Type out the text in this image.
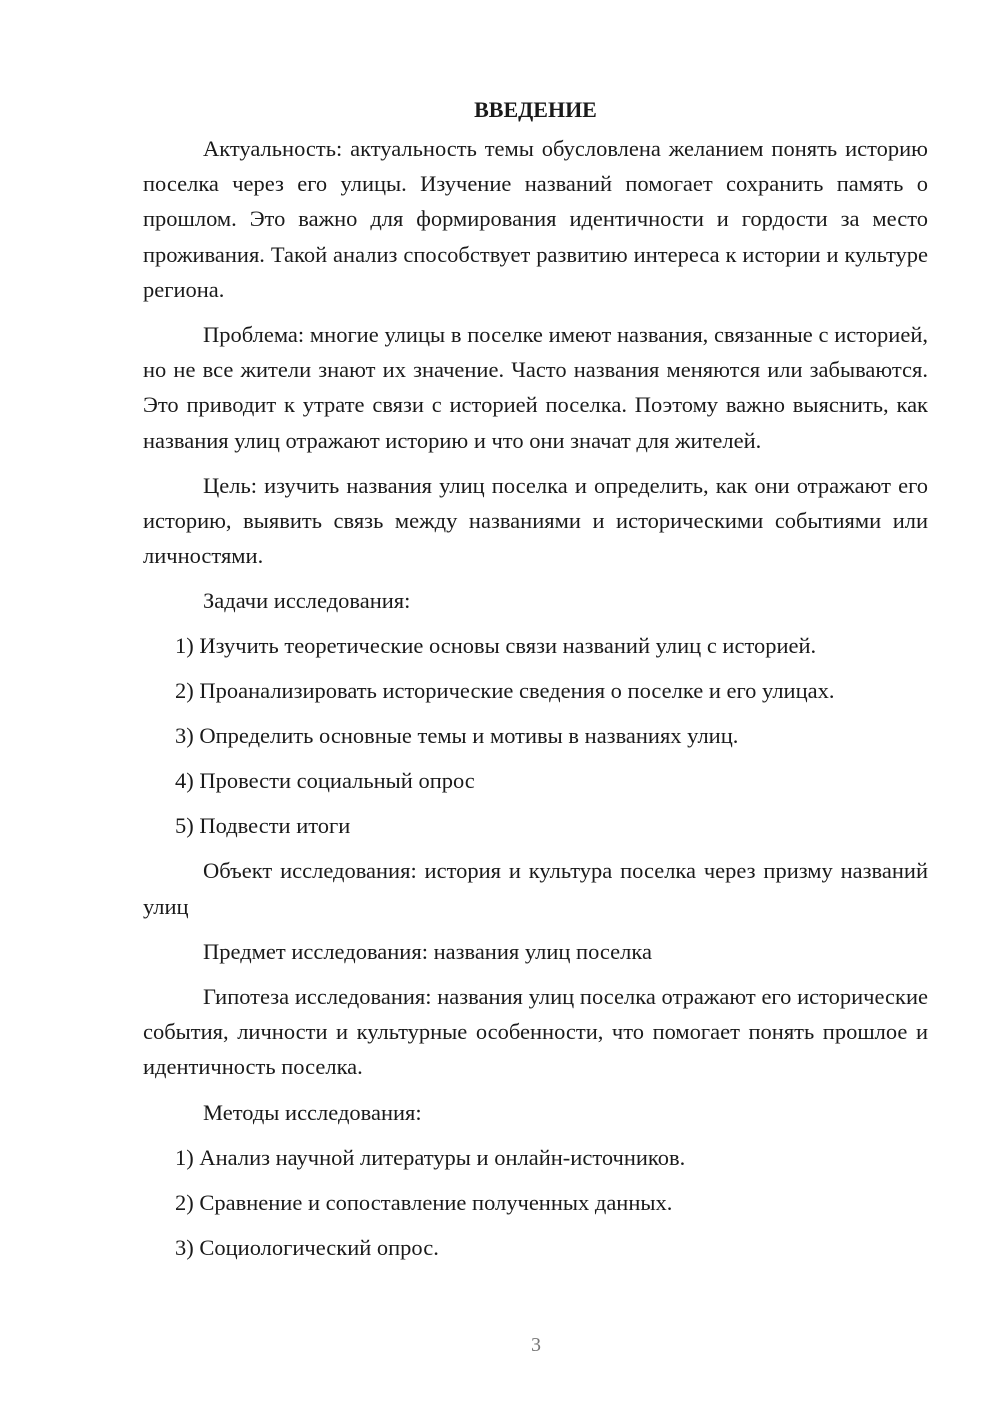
ВВЕДЕНИЕ

Актуальность: актуальность темы обусловлена желанием понять историю поселка через его улицы. Изучение названий помогает сохранить память о прошлом. Это важно для формирования идентичности и гордости за место проживания. Такой анализ способствует развитию интереса к истории и культуре региона.

Проблема: многие улицы в поселке имеют названия, связанные с историей, но не все жители знают их значение. Часто названия меняются или забываются. Это приводит к утрате связи с историей поселка. Поэтому важно выяснить, как названия улиц отражают историю и что они значат для жителей.

Цель: изучить названия улиц поселка и определить, как они отражают его историю, выявить связь между названиями и историческими событиями или личностями.

Задачи исследования:
1) Изучить теоретические основы связи названий улиц с историей.
2) Проанализировать исторические сведения о поселке и его улицах.
3) Определить основные темы и мотивы в названиях улиц.
4) Провести социальный опрос
5) Подвести итоги

Объект исследования: история и культура поселка через призму названий улиц

Предмет исследования: названия улиц поселка

Гипотеза исследования: названия улиц поселка отражают его исторические события, личности и культурные особенности, что помогает понять прошлое и идентичность поселка.

Методы исследования:
1) Анализ научной литературы и онлайн-источников.
2) Сравнение и сопоставление полученных данных.
3) Социологический опрос.
3
